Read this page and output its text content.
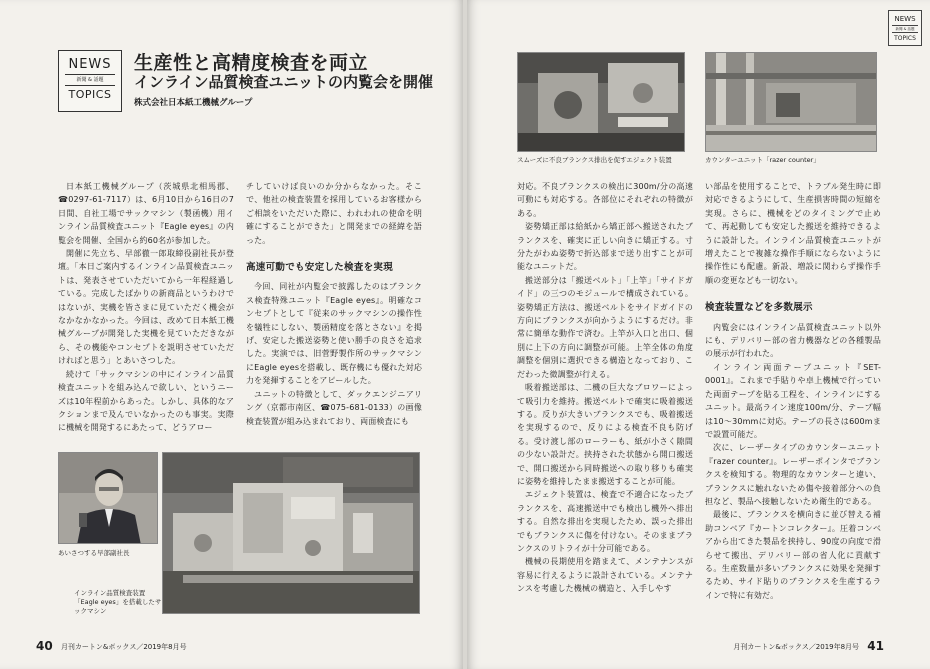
NEWS
新聞 & 話題
TOPICS
生産性と高精度検査を両立
インライン品質検査ユニットの内覧会を開催
株式会社日本紙工機械グループ

日本紙工機械グループ（茨城県北相馬郡、☎0297-61-7117）は、6月10日から16日の7日間、自社工場でサックマシン（製函機）用インライン品質検査ユニット『Eagle eyes』の内覧会を開催、全国から約60名が参加した。

開催に先立ち、早部徹一郎取締役副社長が登壇。「本日ご案内するインライン品質検査ユニットは、発表させていただいてから一年程経過している。完成したばかりの新商品というわけではないが、実機を皆さまに見ていただく機会がなかなかなかった。今回は、改めて日本紙工機械グループが開発した実機を見ていただきながら、その機能やコンセプトを説明させていただければと思う」とあいさつした。

続けて「サックマシンの中にインライン品質検査ユニットを組み込んで欲しい、というニーズは10年程前からあった。しかし、具体的なアクションまで及んでいなかったのも事実。実際に機械を開発するにあたって、どうアロー

チしていけば良いのか分からなかった。そこで、他社の検査装置を採用しているお客様からご相談をいただいた際に、われわれの使命を明確にすることができた」と開発までの経緯を語った。

高速可動でも安定した検査を実現

今回、同社が内覧会で披露したのはブランクス検査特殊ユニット『Eagle eyes』。明確なコンセプトとして『従来のサックマシンの操作性を犠牲にしない、製函精度を落とさない』を掲げ、安定した搬送姿勢と使い勝手の良さを追求した。実演では、旧菅野製作所のサックマシンにEagle eyesを搭載し、既存機にも優れた対応力を発揮することをアピールした。

ユニットの特徴として、ダックエンジニアリング（京都市南区、☎075-681-0133）の画像検査装置が組み込まれており、両面検査にも

あいさつする早部副社長
インライン品質検査装置「Eagle eyes」を搭載したサックマシン
40 月刊カートン&ボックス／2019年8月号
NEWS
新聞 & 話題
TOPICS
スムーズに不良ブランクス排出を促すエジェクト装置	カウンターユニット「razer counter」

対応。不良ブランクスの検出に300m/分の高速可動にも対応する。各部位にそれぞれの特徴がある。

姿勢矯正部は給紙から矯正部へ搬送されたブランクスを、確実に正しい向きに矯正する。寸分たがわぬ姿勢で折込部まで送り出すことが可能なユニットだ。

搬送部分は「搬送ベルト」「上竿」「サイドガイド」の三つのモジュールで構成されている。姿勢矯正方法は、搬送ベルトをサイドガイドの方向にブランクスが向かうようにするだけ。非常に簡単な動作で済む。上竿が入口と出口、個別に上下の方向に調整が可能。上竿全体の角度調整を個別に選択できる構造となっており、こだわった微調整が行える。

吸着搬送部は、二機の巨大なブロワーによって吸引力を維持。搬送ベルトで確実に吸着搬送する。反りが大きいブランクスでも、吸着搬送を実現するので、反りによる検査不良も防げる。受け渡し部のローラーも、紙が小さく隙間の少ない設計だ。挟持された状態から開口搬送で、開口搬送から同時搬送への取り移りも確実に姿勢を維持したまま搬送することが可能。

エジェクト装置は、検査で不適合になったブランクスを、高速搬送中でも検出し機外へ排出する。自然な排出を実現したため、誤った排出でもブランクスに傷を付けない。そのままブランクスのリトライが十分可能である。

機械の長期使用を踏まえて、メンテナンスが容易に行えるように設計されている。メンテナンスを考慮した機械の構造と、入手しやす

い部品を使用することで、トラブル発生時に即対応できるようにして、生産損害時間の短縮を実現。さらに、機械をどのタイミングで止めて、再起動しても安定した搬送を維持できるように設計した。インライン品質検査ユニットが増えたことで複雑な操作手順にならないように操作性にも配慮。新設、増設に関わらず操作手順の変更なども一切ない。

検査装置などを多数展示

内覧会にはインライン品質検査ユニット以外にも、デリバリー部の省力機器などの各種製品の展示が行われた。

インライン両面テープユニット『SET-0001』。これまで手貼りや卓上機械で行っていた両面テープを貼る工程を、インラインにするユニット。最高ライン速度100m/分、テープ幅は10〜30mmに対応。テープの長さは600mまで設置可能だ。

次に、レーザータイプのカウンターユニット『razer counter』。レーザーポインタでブランクスを検知する。物理的なカウンターと違い、ブランクスに触れないため傷や接着部分への負担など、製品へ接触しないため衛生的である。

最後に、ブランクスを横向きに並び替える補助コンベア『カートンコレクター』。圧着コンベアから出てきた製品を挟持し、90度の向度で滑らせて搬出、デリバリー部の省人化に貢献する。生産数量が多いブランクスに効果を発揮するため、サイド貼りのブランクスを生産するラインで特に有効だ。

月刊カートン&ボックス／2019年8月号 41
